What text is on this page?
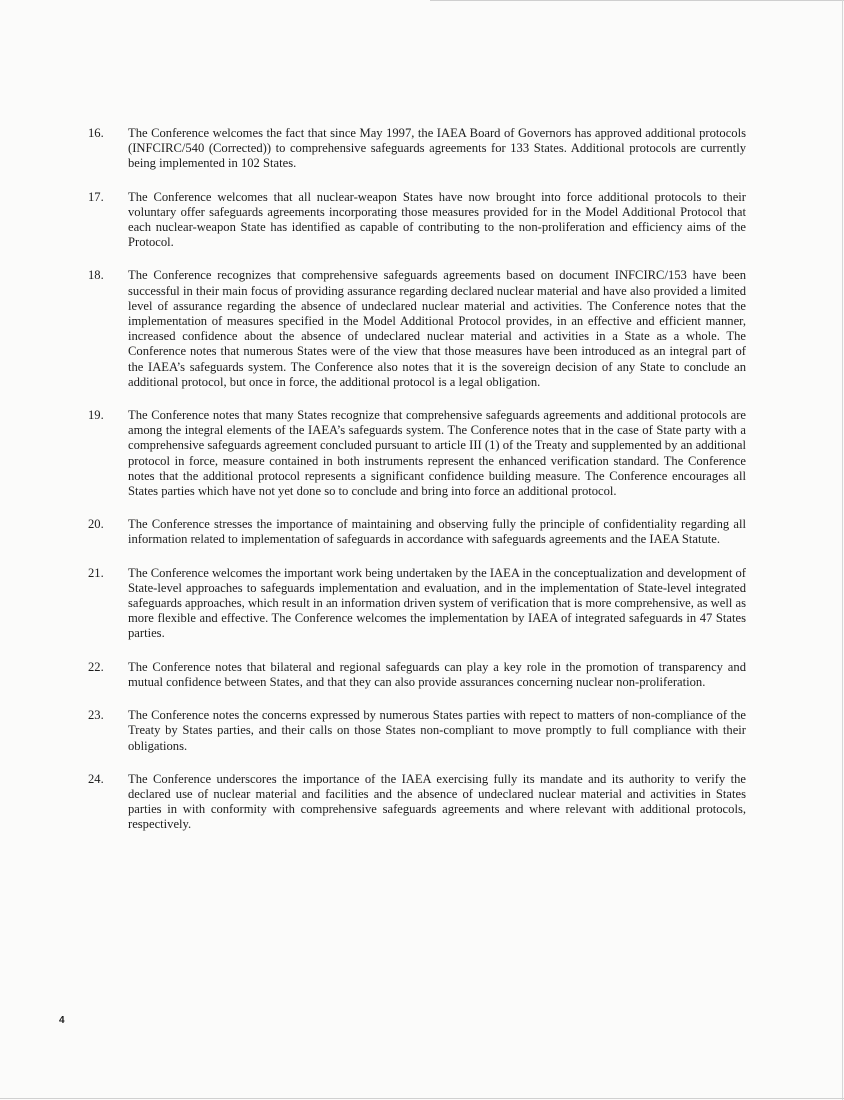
16. The Conference welcomes the fact that since May 1997, the IAEA Board of Governors has approved additional protocols (INFCIRC/540 (Corrected)) to comprehensive safeguards agreements for 133 States. Additional protocols are currently being implemented in 102 States.

17. The Conference welcomes that all nuclear-weapon States have now brought into force additional protocols to their voluntary offer safeguards agreements incorporating those measures provided for in the Model Additional Protocol that each nuclear-weapon State has identified as capable of contributing to the non-proliferation and efficiency aims of the Protocol.

18. The Conference recognizes that comprehensive safeguards agreements based on document INFCIRC/153 have been successful in their main focus of providing assurance regarding declared nuclear material and have also provided a limited level of assurance regarding the absence of undeclared nuclear material and activities. The Conference notes that the implementation of measures specified in the Model Additional Protocol provides, in an effective and efficient manner, increased confidence about the absence of undeclared nuclear material and activities in a State as a whole. The Conference notes that numerous States were of the view that those measures have been introduced as an integral part of the IAEA’s safeguards system. The Conference also notes that it is the sovereign decision of any State to conclude an additional protocol, but once in force, the additional protocol is a legal obligation.

19. The Conference notes that many States recognize that comprehensive safeguards agreements and additional protocols are among the integral elements of the IAEA’s safeguards system. The Conference notes that in the case of State party with a comprehensive safeguards agreement concluded pursuant to article III (1) of the Treaty and supplemented by an additional protocol in force, measure contained in both instruments represent the enhanced verification standard. The Conference notes that the additional protocol represents a significant confidence building measure. The Conference encourages all States parties which have not yet done so to conclude and bring into force an additional protocol.

20. The Conference stresses the importance of maintaining and observing fully the principle of confidentiality regarding all information related to implementation of safeguards in accordance with safeguards agreements and the IAEA Statute.

21. The Conference welcomes the important work being undertaken by the IAEA in the conceptualization and development of State-level approaches to safeguards implementation and evaluation, and in the implementation of State-level integrated safeguards approaches, which result in an information driven system of verification that is more comprehensive, as well as more flexible and effective. The Conference welcomes the implementation by IAEA of integrated safeguards in 47 States parties.

22. The Conference notes that bilateral and regional safeguards can play a key role in the promotion of transparency and mutual confidence between States, and that they can also provide assurances concerning nuclear non-proliferation.

23. The Conference notes the concerns expressed by numerous States parties with repect to matters of non-compliance of the Treaty by States parties, and their calls on those States non-compliant to move promptly to full compliance with their obligations.

24. The Conference underscores the importance of the IAEA exercising fully its mandate and its authority to verify the declared use of nuclear material and facilities and the absence of undeclared nuclear material and activities in States parties in with conformity with comprehensive safeguards agreements and where relevant with additional protocols, respectively.

4
